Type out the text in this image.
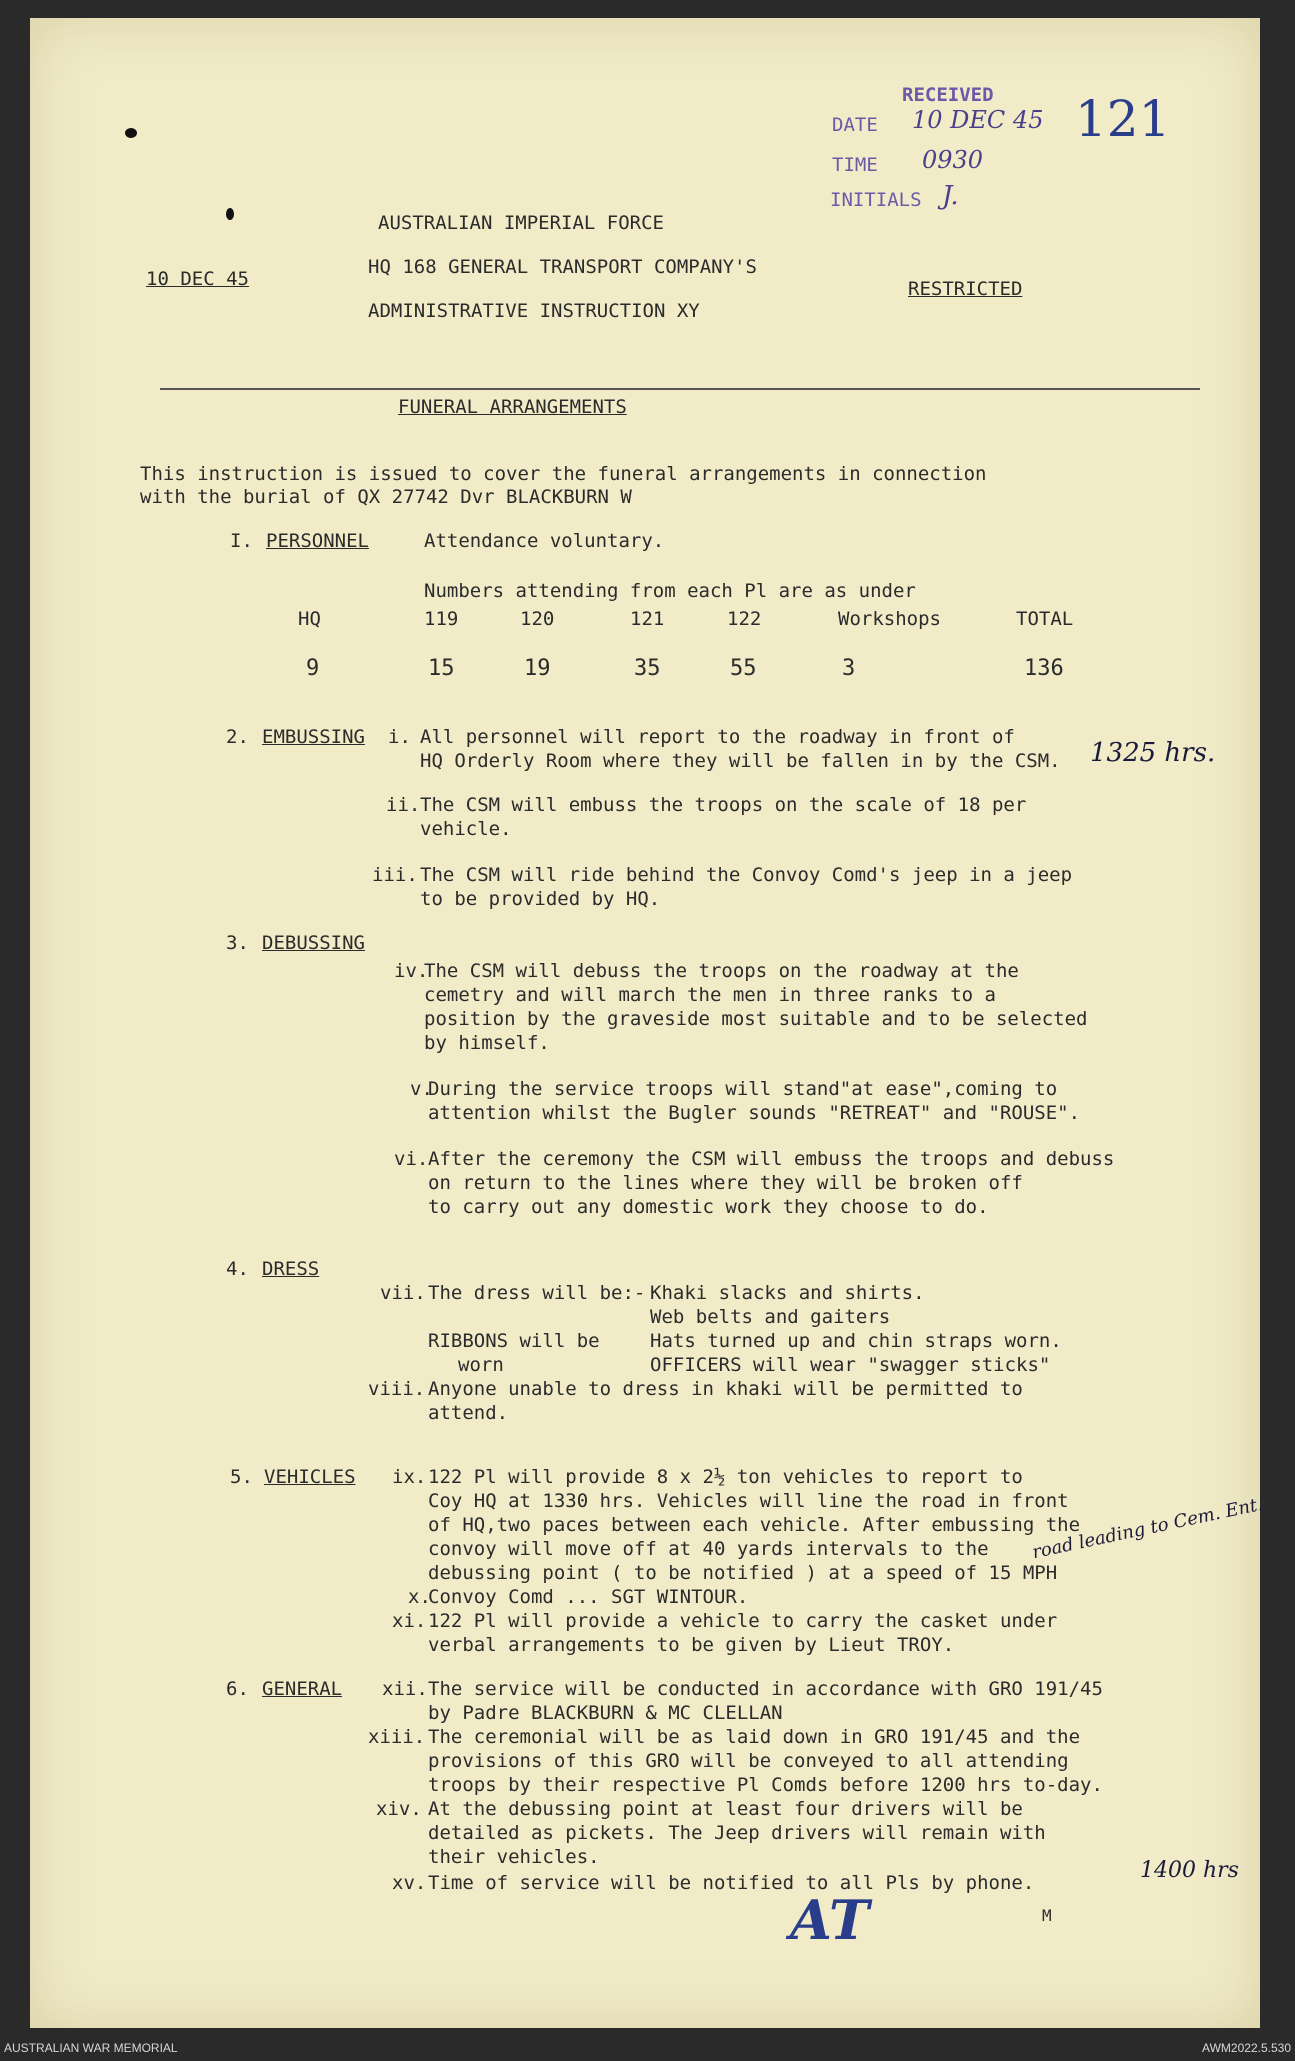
RECEIVED
DATE 10 DEC 45
TIME 0930
INITIALS J.
121
AUSTRALIAN IMPERIAL FORCE
HQ 168 GENERAL TRANSPORT COMPANY'S
ADMINISTRATIVE INSTRUCTION XY
10 DEC 45	RESTRICTED
FUNERAL ARRANGEMENTS
This instruction is issued to cover the funeral arrangements in connection
with the burial of QX 27742 Dvr BLACKBURN W
I. PERSONNEL	Attendance voluntary.
Numbers attending from each Pl are as under
HQ	119	120	121	122	Workshops	TOTAL
9	15	19	35	55	3	136
2. EMBUSSING i. All personnel will report to the roadway in front of
HQ Orderly Room where they will be fallen in by the CSM. 1325 hrs.
ii. The CSM will embuss the troops on the scale of 18 per
vehicle.
iii. The CSM will ride behind the Convoy Comd's jeep in a jeep
to be provided by HQ.
3. DEBUSSING
iv.
The CSM will debuss the troops on the roadway at the
cemetry and will march the men in three ranks to a
position by the graveside most suitable and to be selected
by himself.
v.
During the service troops will stand"at ease",coming to
attention whilst the Bugler sounds "RETREAT" and "ROUSE".
vi. After the ceremony the CSM will embuss the troops and debuss
on return to the lines where they will be broken off
to carry out any domestic work they choose to do.
4. DRESS
vii. The dress will be:- Khaki slacks and shirts.
Web belts and gaiters
Hats turned up and chin straps worn.
OFFICERS will wear "swagger sticks"
RIBBONS will be
worn
viii. Anyone unable to dress in khaki will be permitted to
attend.
5. VEHICLES ix. 122 Pl will provide 8 x 2½ ton vehicles to report to
Coy HQ at 1330 hrs. Vehicles will line the road in front
of HQ,two paces between each vehicle. After embussing the
convoy will move off at 40 yards intervals to the
debussing point ( to be notified ) at a speed of 15 MPH
road leading to Cem. Ent.
x.
Convoy Comd ... SGT WINTOUR.
xi. 122 Pl will provide a vehicle to carry the casket under
verbal arrangements to be given by Lieut TROY.
6. GENERAL xii. The service will be conducted in accordance with GRO 191/45
by Padre BLACKBURN & MC CLELLAN
xiii. The ceremonial will be as laid down in GRO 191/45 and the
provisions of this GRO will be conveyed to all attending
troops by their respective Pl Comds before 1200 hrs to-day.
xiv. At the debussing point at least four drivers will be
detailed as pickets. The Jeep drivers will remain with
their vehicles.
xv. Time of service will be notified to all Pls by phone.	1400 hrs
AT	M
AUSTRALIAN WAR MEMORIAL	AWM2022.5.530
